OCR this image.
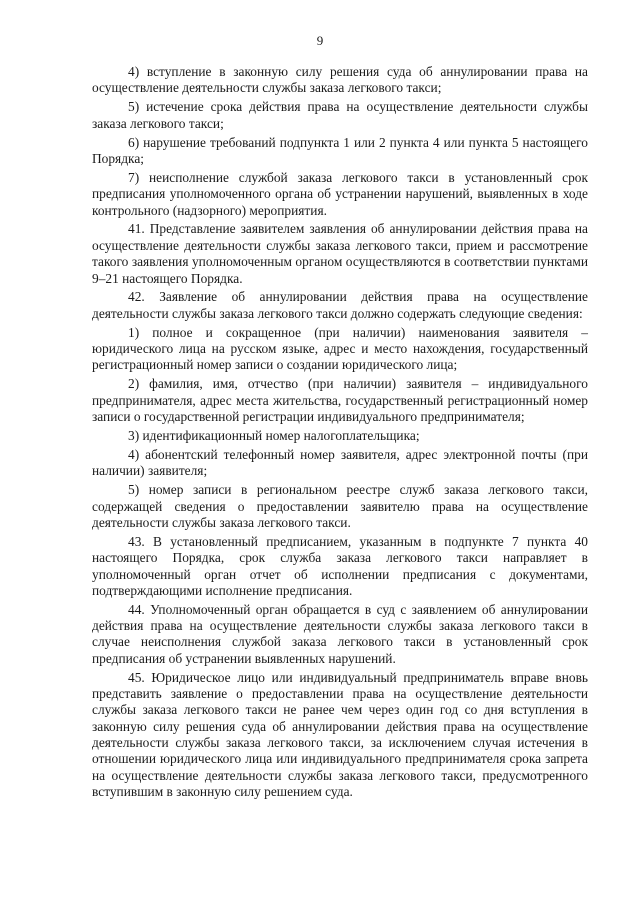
9

4) вступление в законную силу решения суда об аннулировании права на осуществление деятельности службы заказа легкового такси;

5) истечение срока действия права на осуществление деятельности службы заказа легкового такси;

6) нарушение требований подпункта 1 или 2 пункта 4 или пункта 5 настоящего Порядка;

7) неисполнение службой заказа легкового такси в установленный срок предписания уполномоченного органа об устранении нарушений, выявленных в ходе контрольного (надзорного) мероприятия.

41. Представление заявителем заявления об аннулировании действия права на осуществление деятельности службы заказа легкового такси, прием и рассмотрение такого заявления уполномоченным органом осуществляются в соответствии пунктами 9–21 настоящего Порядка.

42. Заявление об аннулировании действия права на осуществление деятельности службы заказа легкового такси должно содержать следующие сведения:

1) полное и сокращенное (при наличии) наименования заявителя – юридического лица на русском языке, адрес и место нахождения, государственный регистрационный номер записи о создании юридического лица;

2) фамилия, имя, отчество (при наличии) заявителя – индивидуального предпринимателя, адрес места жительства, государственный регистрационный номер записи о государственной регистрации индивидуального предпринимателя;

3) идентификационный номер налогоплательщика;

4) абонентский телефонный номер заявителя, адрес электронной почты (при наличии) заявителя;

5) номер записи в региональном реестре служб заказа легкового такси, содержащей сведения о предоставлении заявителю права на осуществление деятельности службы заказа легкового такси.

43. В установленный предписанием, указанным в подпункте 7 пункта 40 настоящего Порядка, срок служба заказа легкового такси направляет в уполномоченный орган отчет об исполнении предписания с документами, подтверждающими исполнение предписания.

44. Уполномоченный орган обращается в суд с заявлением об аннулировании действия права на осуществление деятельности службы заказа легкового такси в случае неисполнения службой заказа легкового такси в установленный срок предписания об устранении выявленных нарушений.

45. Юридическое лицо или индивидуальный предприниматель вправе вновь представить заявление о предоставлении права на осуществление деятельности службы заказа легкового такси не ранее чем через один год со дня вступления в законную силу решения суда об аннулировании действия права на осуществление деятельности службы заказа легкового такси, за исключением случая истечения в отношении юридического лица или индивидуального предпринимателя срока запрета на осуществление деятельности службы заказа легкового такси, предусмотренного вступившим в законную силу решением суда.
